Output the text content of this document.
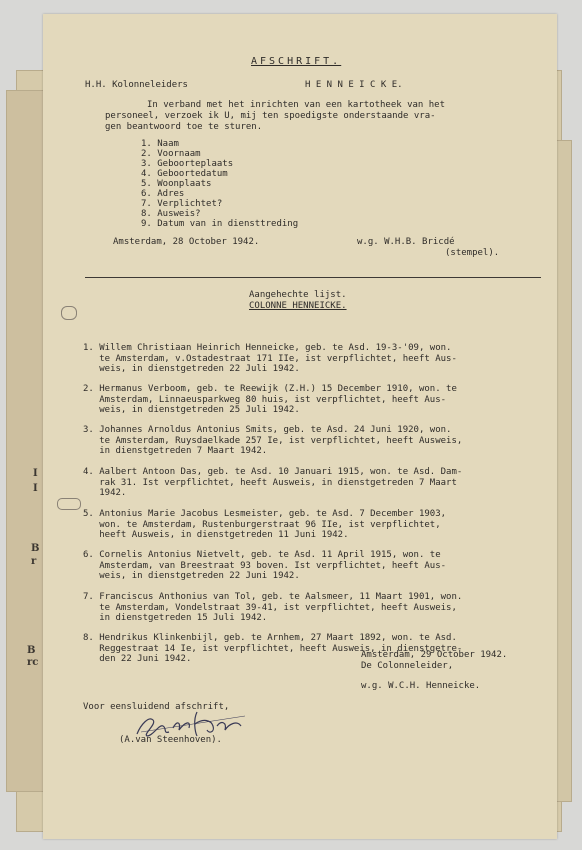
I
I
B
r
B
rc
AFSCHRIFT.
H.H. Kolonneleiders	H E N N E I C K E.
In verband met het inrichten van een kartotheek van het
personeel, verzoek ik U, mij ten spoedigste onderstaande vra-
gen beantwoord toe te sturen.
1. Naam
2. Voornaam
3. Geboorteplaats
4. Geboortedatum
5. Woonplaats
6. Adres
7. Verplichtet?
8. Ausweis?
9. Datum van in diensttreding
Amsterdam, 28 October 1942.	w.g. W.H.B. Bricdé
(stempel).
Aangehechte lijst.
COLONNE HENNEICKE.

1. Willem Christiaan Heinrich Henneicke, geb. te Asd. 19-3-'09, won.
te Amsterdam, v.Ostadestraat 171 IIe, ist verpflichtet, heeft Aus-
weis, in dienstgetreden 22 Juli 1942.

2. Hermanus Verboom, geb. te Reewijk (Z.H.) 15 December 1910, won. te
Amsterdam, Linnaeusparkweg 80 huis, ist verpflichtet, heeft Aus-
weis, in dienstgetreden 25 Juli 1942.

3. Johannes Arnoldus Antonius Smits, geb. te Asd. 24 Juni 1920, won.
te Amsterdam, Ruysdaelkade 257 Ie, ist verpflichtet, heeft Ausweis,
in dienstgetreden 7 Maart 1942.

4. Aalbert Antoon Das, geb. te Asd. 10 Januari 1915, won. te Asd. Dam-
rak 31. Ist verpflichtet, heeft Ausweis, in dienstgetreden 7 Maart
1942.

5. Antonius Marie Jacobus Lesmeister, geb. te Asd. 7 December 1903,
won. te Amsterdam, Rustenburgerstraat 96 IIe, ist verpflichtet,
heeft Ausweis, in dienstgetreden 11 Juni 1942.

6. Cornelis Antonius Nietvelt, geb. te Asd. 11 April 1915, won. te
Amsterdam, van Breestraat 93 boven. Ist verpflichtet, heeft Aus-
weis, in dienstgetreden 22 Juni 1942.

7. Franciscus Anthonius van Tol, geb. te Aalsmeer, 11 Maart 1901, won.
te Amsterdam, Vondelstraat 39-41, ist verpflichtet, heeft Ausweis,
in dienstgetreden 15 Juli 1942.

8. Hendrikus Klinkenbijl, geb. te Arnhem, 27 Maart 1892, won. te Asd.
Reggestraat 14 Ie, ist verpflichtet, heeft Ausweis, in dienstgetre-
den 22 Juni 1942.

	Amsterdam, 29 October 1942.
De Colonneleider,
w.g. W.C.H. Henneicke.
Voor eensluidend afschrift,
(A.van Steenhoven).
